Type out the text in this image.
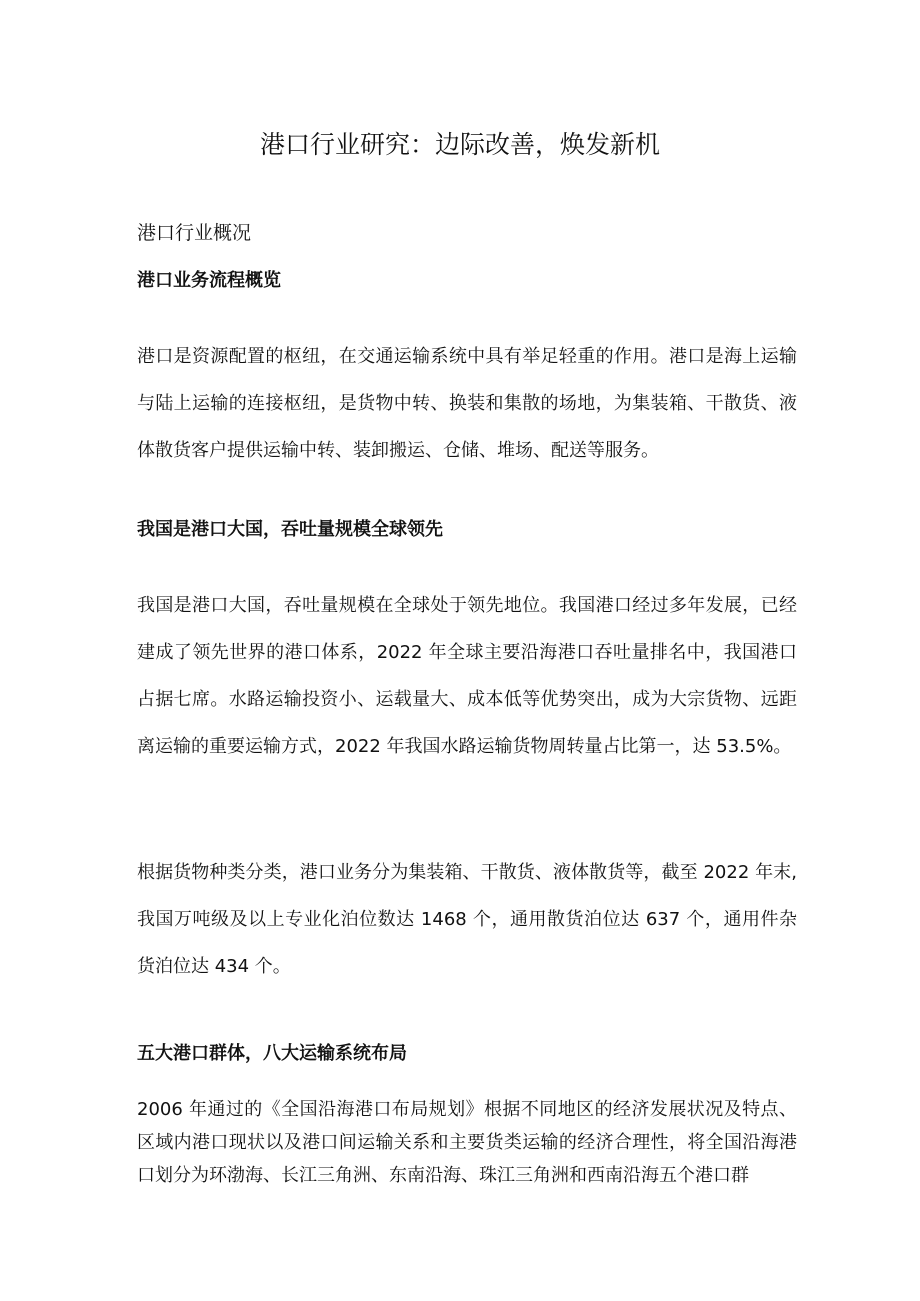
港口行业研究：边际改善，焕发新机
港口行业概况
港口业务流程概览

港口是资源配置的枢纽，在交通运输系统中具有举足轻重的作用。港口是海上运输与陆上运输的连接枢纽，是货物中转、换装和集散的场地，为集装箱、干散货、液体散货客户提供运输中转、装卸搬运、仓储、堆场、配送等服务。

我国是港口大国，吞吐量规模全球领先

我国是港口大国，吞吐量规模在全球处于领先地位。我国港口经过多年发展，已经建成了领先世界的港口体系，2022 年全球主要沿海港口吞吐量排名中，我国港口占据七席。水路运输投资小、运载量大、成本低等优势突出，成为大宗货物、远距离运输的重要运输方式，2022 年我国水路运输货物周转量占比第一，达 53.5%。

根据货物种类分类，港口业务分为集装箱、干散货、液体散货等，截至 2022 年末,我国万吨级及以上专业化泊位数达 1468 个，通用散货泊位达 637 个，通用件杂货泊位达 434 个。

五大港口群体，八大运输系统布局

2006 年通过的《全国沿海港口布局规划》根据不同地区的经济发展状况及特点、区域内港口现状以及港口间运输关系和主要货类运输的经济合理性，将全国沿海港口划分为环渤海、长江三角洲、东南沿海、珠江三角洲和西南沿海五个港口群
